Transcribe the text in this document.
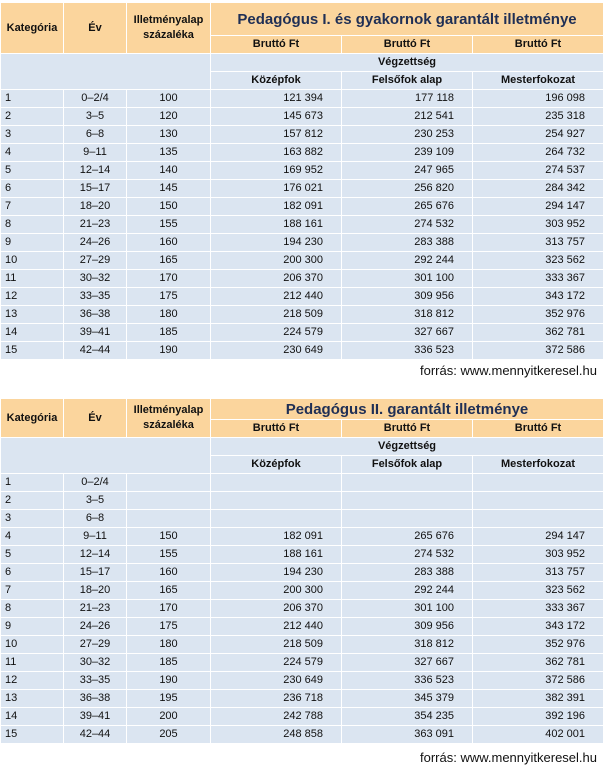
Kategória	Év	Illetményalap
százaléka	Pedagógus I. és gyakornok garantált illetménye		
			Bruttó Ft	Bruttó Ft	Bruttó Ft
			Végzettség		
			Középfok	Felsőfok alap	Mesterfokozat
1	0–2/4	100	121 394	177 118	196 098
2	3–5	120	145 673	212 541	235 318
3	6–8	130	157 812	230 253	254 927
4	9–11	135	163 882	239 109	264 732
5	12–14	140	169 952	247 965	274 537
6	15–17	145	176 021	256 820	284 342
7	18–20	150	182 091	265 676	294 147
8	21–23	155	188 161	274 532	303 952
9	24–26	160	194 230	283 388	313 757
10	27–29	165	200 300	292 244	323 562
11	30–32	170	206 370	301 100	333 367
12	33–35	175	212 440	309 956	343 172
13	36–38	180	218 509	318 812	352 976
14	39–41	185	224 579	327 667	362 781
15	42–44	190	230 649	336 523	372 586
forrás: www.mennyitkeresel.hu
Kategória	Év	Illetményalap
százaléka	Pedagógus II. garantált illetménye		
			Bruttó Ft	Bruttó Ft	Bruttó Ft
			Végzettség		
			Középfok	Felsőfok alap	Mesterfokozat
1	0–2/4				
2	3–5				
3	6–8				
4	9–11	150	182 091	265 676	294 147
5	12–14	155	188 161	274 532	303 952
6	15–17	160	194 230	283 388	313 757
7	18–20	165	200 300	292 244	323 562
8	21–23	170	206 370	301 100	333 367
9	24–26	175	212 440	309 956	343 172
10	27–29	180	218 509	318 812	352 976
11	30–32	185	224 579	327 667	362 781
12	33–35	190	230 649	336 523	372 586
13	36–38	195	236 718	345 379	382 391
14	39–41	200	242 788	354 235	392 196
15	42–44	205	248 858	363 091	402 001
forrás: www.mennyitkeresel.hu
